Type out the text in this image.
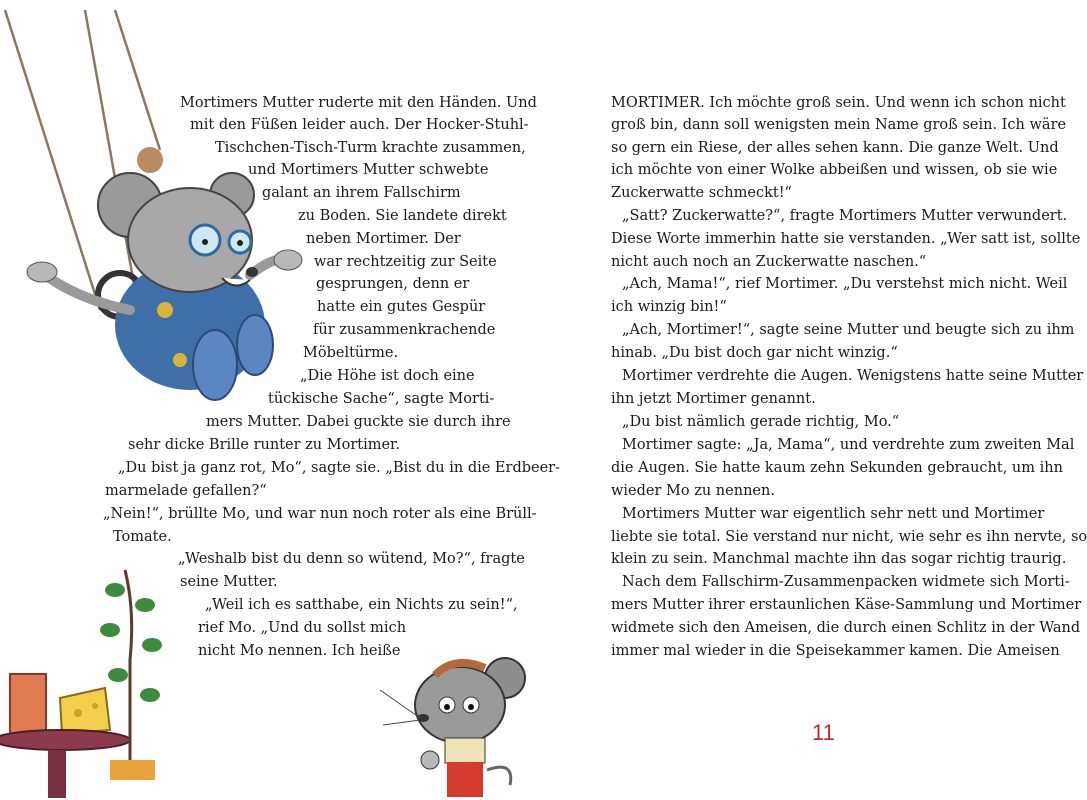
Mortimers Mutter ruderte mit den Händen. Und
mit den Füßen leider auch. Der Hocker-Stuhl-
Tischchen-Tisch-Turm krachte zusammen,
und Mortimers Mutter schwebte
galant an ihrem Fallschirm
zu Boden. Sie landete direkt
neben Mortimer. Der
war rechtzeitig zur Seite
gesprungen, denn er
hatte ein gutes Gespür
für zusammenkrachende
Möbeltürme.
„Die Höhe ist doch eine
tückische Sache“, sagte Morti-
mers Mutter. Dabei guckte sie durch ihre
sehr dicke Brille runter zu Mortimer.
„Du bist ja ganz rot, Mo“, sagte sie. „Bist du in die Erdbeer-
marmelade gefallen?“
„Nein!“, brüllte Mo, und war nun noch roter als eine Brüll-
Tomate.
„Weshalb bist du denn so wütend, Mo?“, fragte
seine Mutter.
„Weil ich es satthabe, ein Nichts zu sein!“,
rief Mo. „Und du sollst mich
nicht Mo nennen. Ich heiße
MORTIMER. Ich möchte groß sein. Und wenn ich schon nicht
groß bin, dann soll wenigsten mein Name groß sein. Ich wäre
so gern ein Riese, der alles sehen kann. Die ganze Welt. Und
ich möchte von einer Wolke abbeißen und wissen, ob sie wie
Zuckerwatte schmeckt!“
„Satt? Zuckerwatte?“, fragte Mortimers Mutter verwundert.
Diese Worte immerhin hatte sie verstanden. „Wer satt ist, sollte
nicht auch noch an Zuckerwatte naschen.“
„Ach, Mama!“, rief Mortimer. „Du verstehst mich nicht. Weil
ich winzig bin!“
„Ach, Mortimer!“, sagte seine Mutter und beugte sich zu ihm
hinab. „Du bist doch gar nicht winzig.“
Mortimer verdrehte die Augen. Wenigstens hatte seine Mutter
ihn jetzt Mortimer genannt.
„Du bist nämlich gerade richtig, Mo.“
Mortimer sagte: „Ja, Mama“, und verdrehte zum zweiten Mal
die Augen. Sie hatte kaum zehn Sekunden gebraucht, um ihn
wieder Mo zu nennen.
Mortimers Mutter war eigentlich sehr nett und Mortimer
liebte sie total. Sie verstand nur nicht, wie sehr es ihn nervte, so
klein zu sein. Manchmal machte ihn das sogar richtig traurig.
Nach dem Fallschirm-Zusammenpacken widmete sich Morti-
mers Mutter ihrer erstaunlichen Käse-Sammlung und Mortimer
widmete sich den Ameisen, die durch einen Schlitz in der Wand
immer mal wieder in die Speisekammer kamen. Die Ameisen
11
